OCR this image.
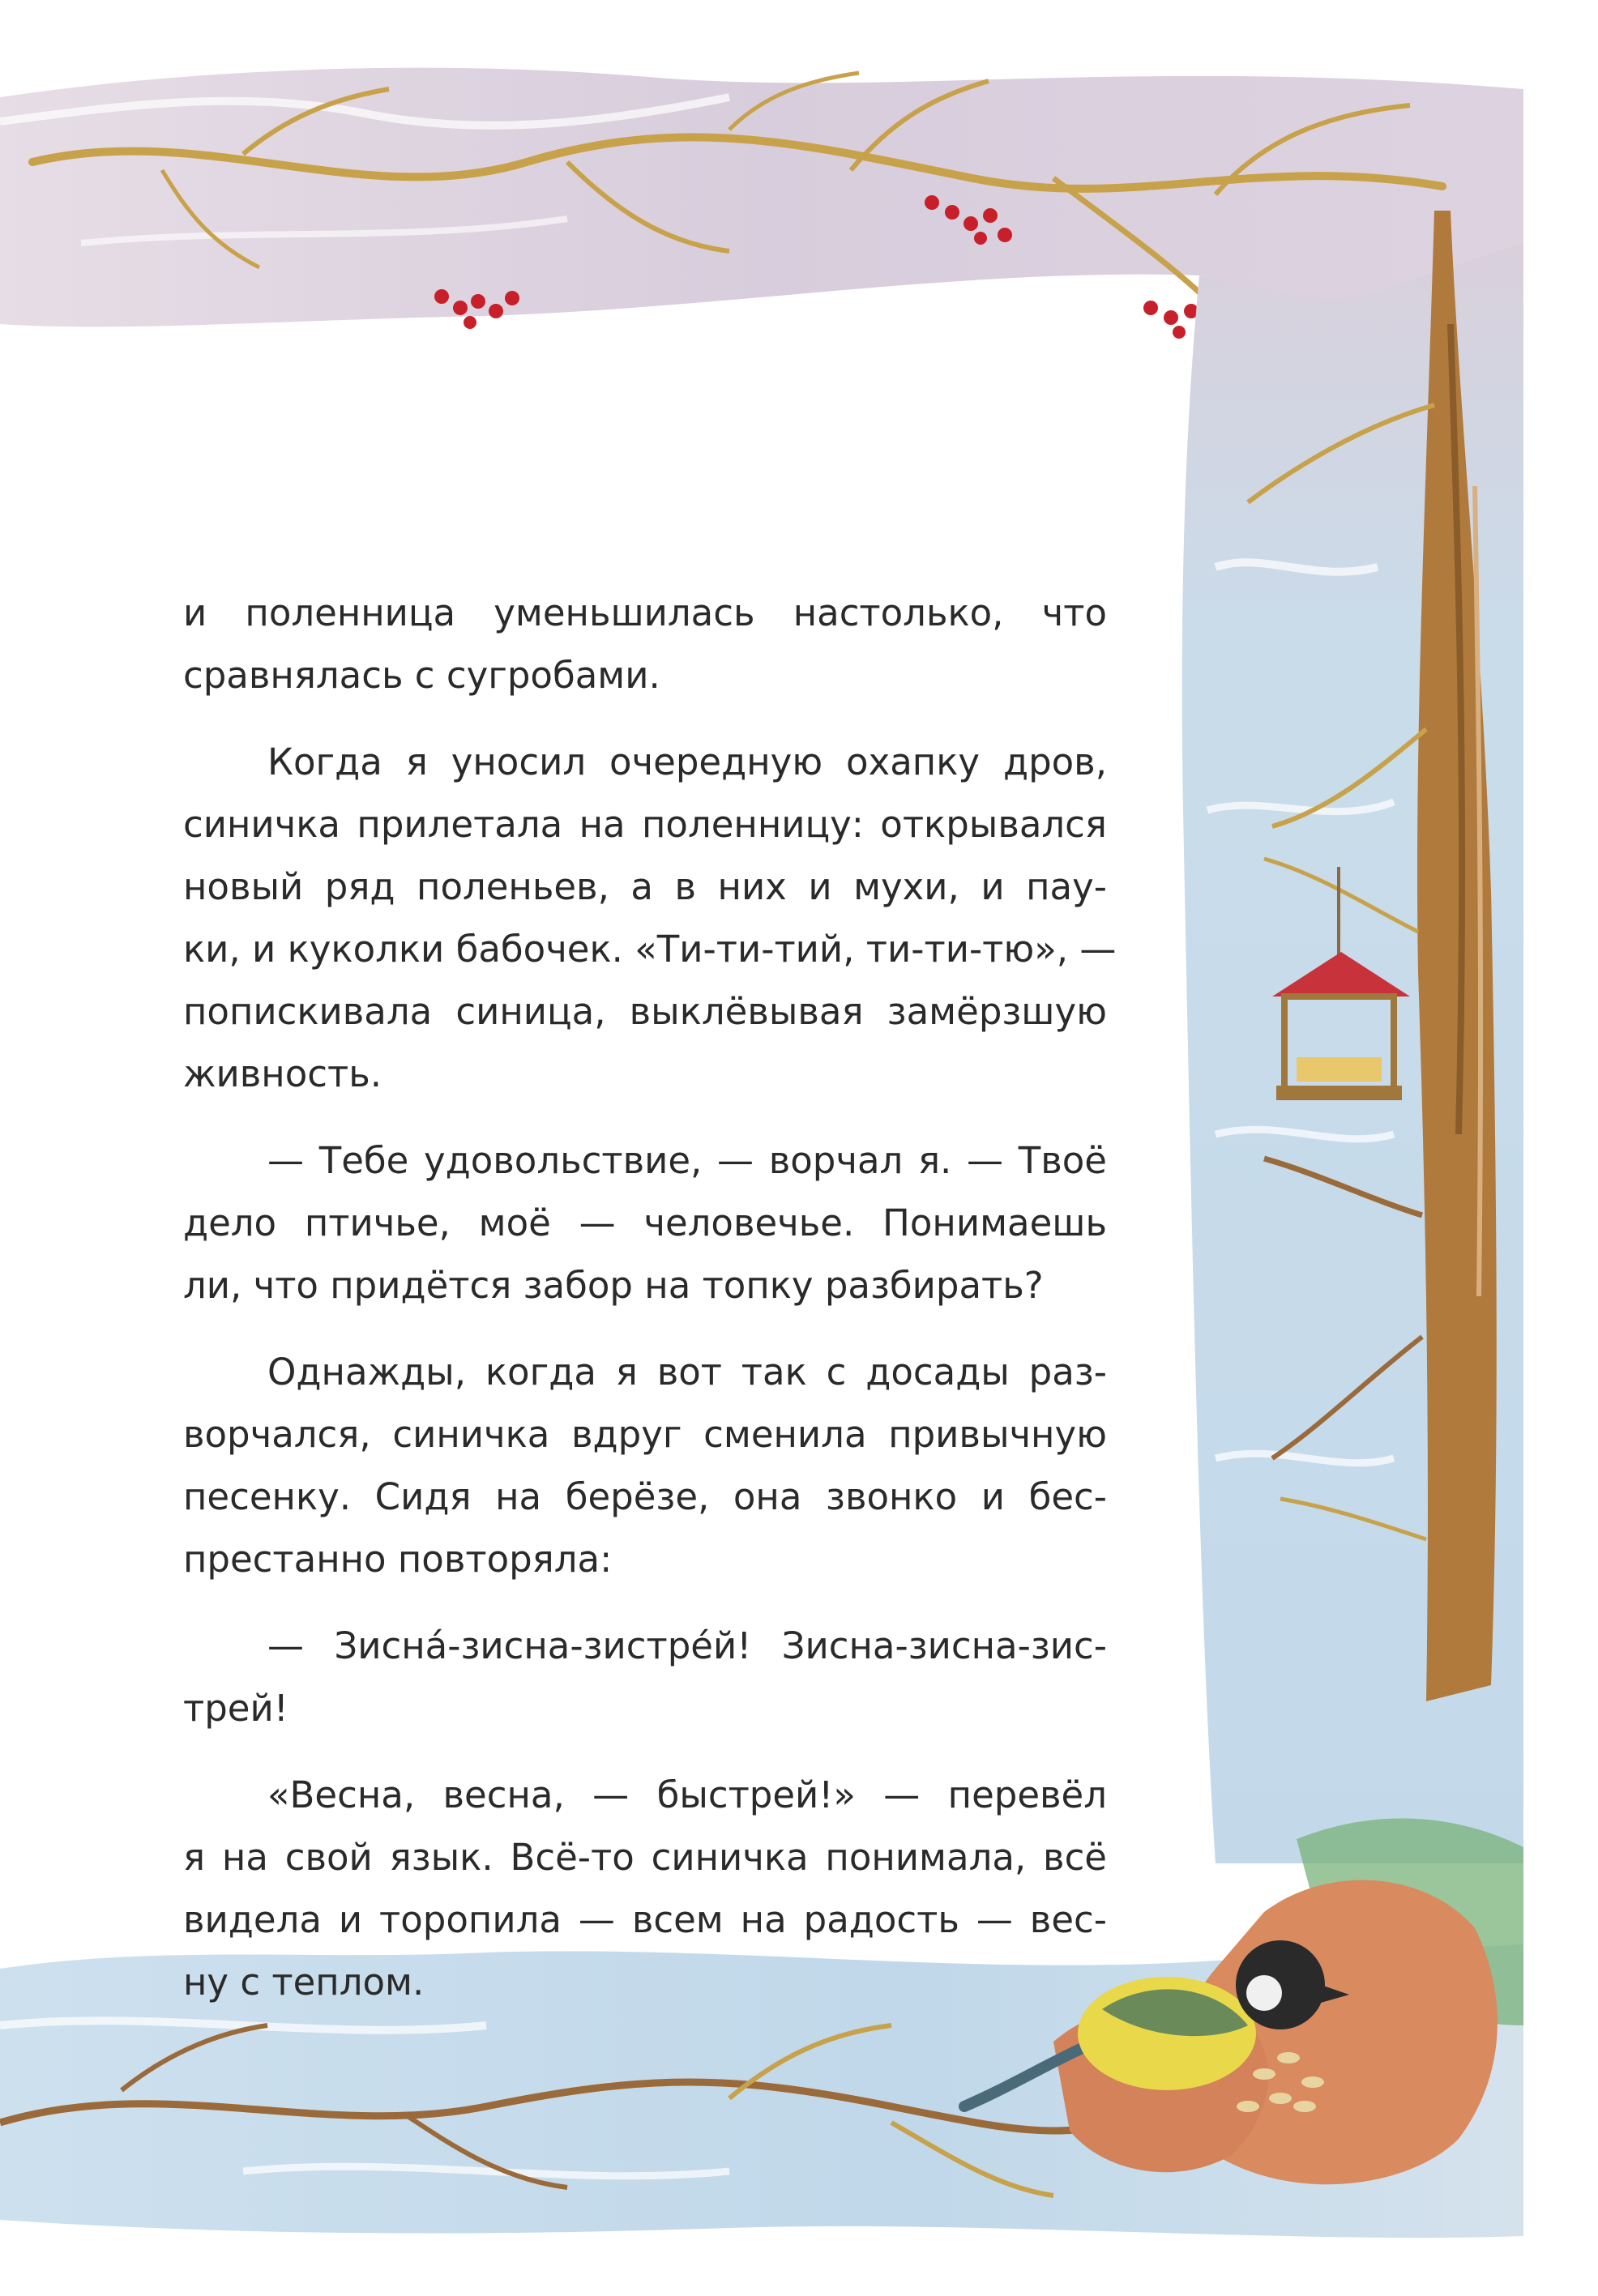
и поленница уменьшилась настолько, что
сравнялась с сугробами.
Когда я уносил очередную охапку дров,
синичка прилетала на поленницу: открывался
новый ряд поленьев, а в них и мухи, и пау-
ки, и куколки бабочек. «Ти-ти-тий, ти-ти-тю», —
попискивала синица, выклёвывая замёрзшую
живность.
— Тебе удовольствие, — ворчал я. — Твоё
дело птичье, моё — человечье. Понимаешь
ли, что придётся забор на топку разбирать?
Однажды, когда я вот так с досады раз-
ворчался, синичка вдруг сменила привычную
песенку. Сидя на берёзе, она звонко и бес-
престанно повторяла:
— Зисна́-зисна-зистре́й! Зисна-зисна-зис-
трей!
«Весна, весна, — быстрей!» — перевёл
я на свой язык. Всё-то синичка понимала, всё
видела и торопила — всем на радость — вес-
ну с теплом.
